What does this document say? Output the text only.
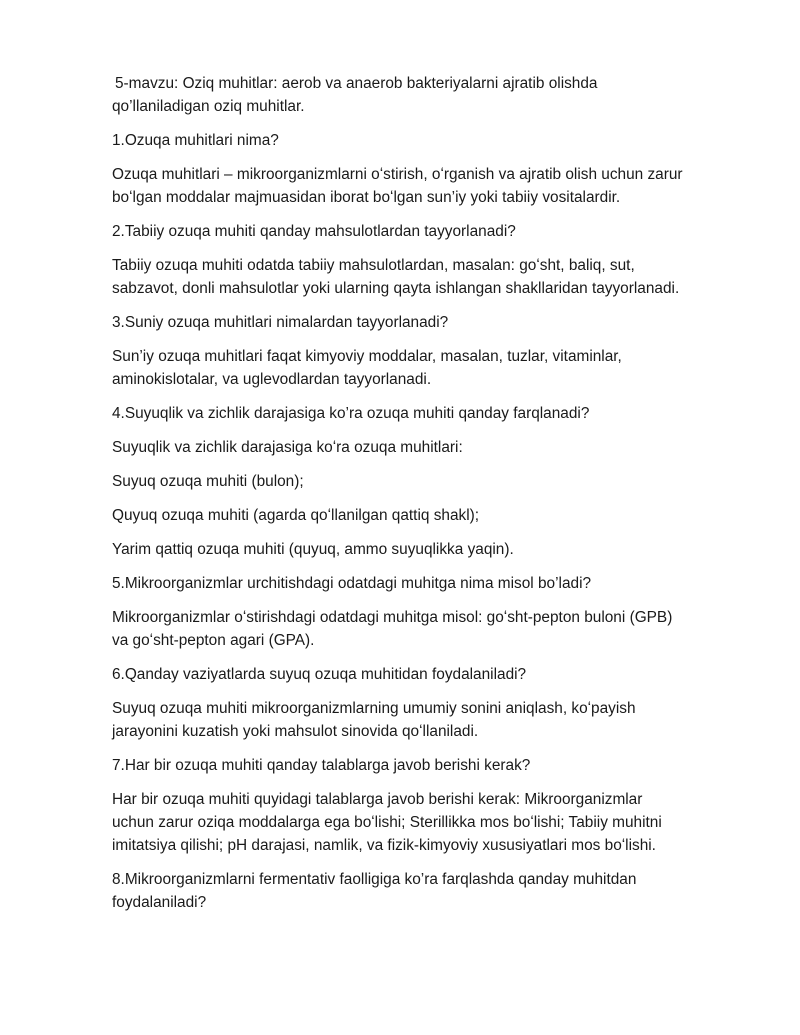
5-mavzu: Oziq muhitlar: aerob va anaerob bakteriyalarni ajratib olishda
qo’llaniladigan oziq muhitlar.
1.Ozuqa muhitlari nima?
Ozuqa muhitlari – mikroorganizmlarni oʻstirish, oʻrganish va ajratib olish uchun zarur
boʻlgan moddalar majmuasidan iborat boʻlgan sun’iy yoki tabiiy vositalardir.
2.Tabiiy ozuqa muhiti qanday mahsulotlardan tayyorlanadi?
Tabiiy ozuqa muhiti odatda tabiiy mahsulotlardan, masalan: goʻsht, baliq, sut,
sabzavot, donli mahsulotlar yoki ularning qayta ishlangan shakllaridan tayyorlanadi.
3.Suniy ozuqa muhitlari nimalardan tayyorlanadi?
Sun’iy ozuqa muhitlari faqat kimyoviy moddalar, masalan, tuzlar, vitaminlar,
aminokislotalar, va uglevodlardan tayyorlanadi.
4.Suyuqlik va zichlik darajasiga ko’ra ozuqa muhiti qanday farqlanadi?
Suyuqlik va zichlik darajasiga koʻra ozuqa muhitlari:
Suyuq ozuqa muhiti (bulon);
Quyuq ozuqa muhiti (agarda qoʻllanilgan qattiq shakl);
Yarim qattiq ozuqa muhiti (quyuq, ammo suyuqlikka yaqin).
5.Mikroorganizmlar urchitishdagi odatdagi muhitga nima misol bo’ladi?
Mikroorganizmlar oʻstirishdagi odatdagi muhitga misol: goʻsht-pepton buloni (GPB)
va goʻsht-pepton agari (GPA).
6.Qanday vaziyatlarda suyuq ozuqa muhitidan foydalaniladi?
Suyuq ozuqa muhiti mikroorganizmlarning umumiy sonini aniqlash, koʻpayish
jarayonini kuzatish yoki mahsulot sinovida qoʻllaniladi.
7.Har bir ozuqa muhiti qanday talablarga javob berishi kerak?
Har bir ozuqa muhiti quyidagi talablarga javob berishi kerak: Mikroorganizmlar
uchun zarur oziqa moddalarga ega boʻlishi; Sterillikka mos boʻlishi; Tabiiy muhitni
imitatsiya qilishi; pH darajasi, namlik, va fizik-kimyoviy xususiyatlari mos boʻlishi.
8.Mikroorganizmlarni fermentativ faolligiga ko’ra farqlashda qanday muhitdan
foydalaniladi?
